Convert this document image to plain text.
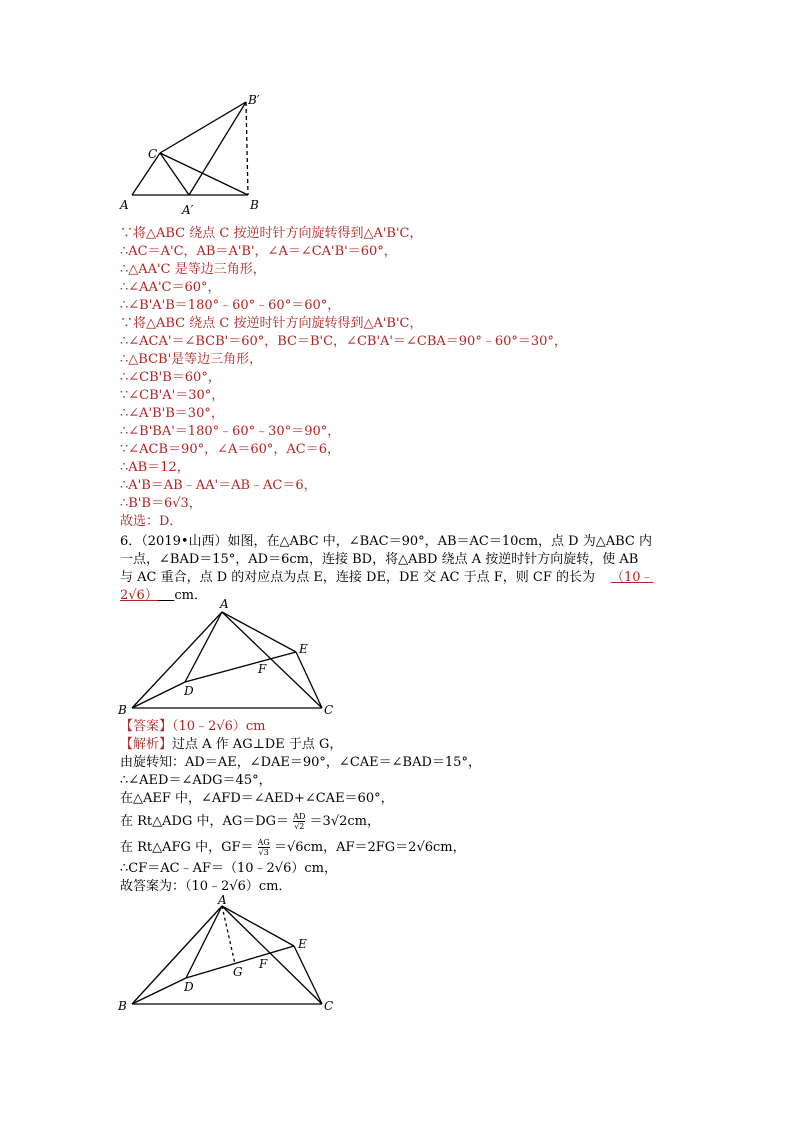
B′
C
A	A′	B
∵将△ABC 绕点 C 按逆时针方向旋转得到△A'B'C，
∴AC＝A'C，AB＝A'B'，∠A＝∠CA'B'＝60°，
∴△AA'C 是等边三角形，
∴∠AA'C＝60°，
∴∠B'A'B＝180°﹣60°﹣60°＝60°，
∵将△ABC 绕点 C 按逆时针方向旋转得到△A'B'C，
∴∠ACA'＝∠BCB'＝60°，BC＝B'C，∠CB'A'＝∠CBA＝90°﹣60°＝30°，
∴△BCB'是等边三角形，
∴∠CB'B＝60°，
∵∠CB'A'＝30°，
∴∠A'B'B＝30°，
∴∠B'BA'＝180°﹣60°﹣30°＝90°，
∵∠ACB＝90°，∠A＝60°，AC＝6，
∴AB＝12，
∴A'B＝AB﹣AA'＝AB﹣AC＝6，
∴B'B＝6√3，
故选：D．
6．（2019•山西）如图，在△ABC 中，∠BAC＝90°，AB＝AC＝10cm，点 D 为△ABC 内
一点，∠BAD＝15°，AD＝6cm，连接 BD，将△ABD 绕点 A 按逆时针方向旋转，使 AB
与 AC 重合，点 D 的对应点为点 E，连接 DE，DE 交 AC 于点 F，则 CF 的长为 （10﹣
2√6） cm．
A
E
F
D
B	C
【答案】（10﹣2√6）cm
【解析】过点 A 作 AG⊥DE 于点 G，
由旋转知：AD＝AE，∠DAE＝90°，∠CAE＝∠BAD＝15°，
∴∠AED＝∠ADG＝45°，
在△AEF 中，∠AFD＝∠AED+∠CAE＝60°，
在 Rt△ADG 中，$AG=DG= \frac{AD}{√2} =3√2cm$，
在 Rt△AFG 中，$GF= \frac{AG}{√3} =√6cm$，AF＝2FG＝2√6cm，
∴CF＝AC﹣AF＝（10﹣2√6）cm，
故答案为：（10﹣2√6）cm．
A
E
G
F
D
B	C
